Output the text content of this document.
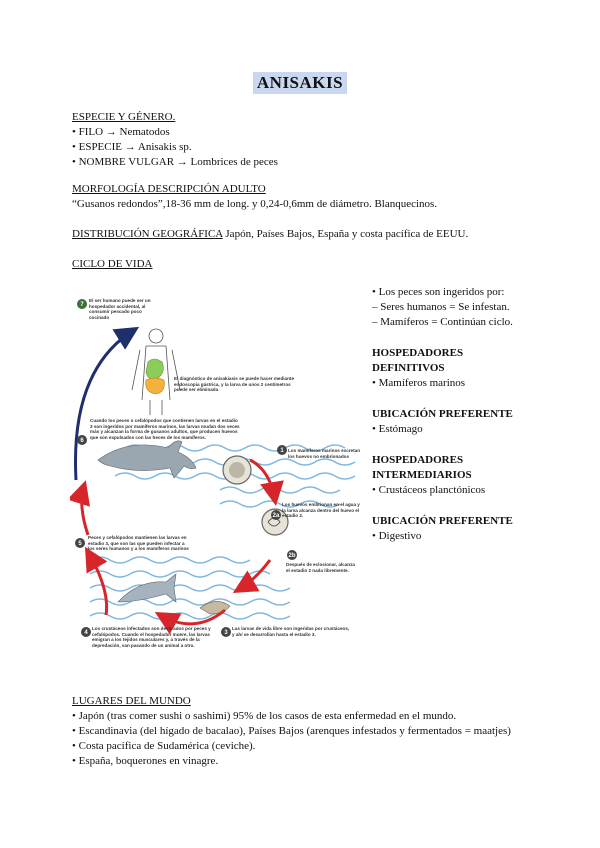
ANISAKIS
ESPECIE Y GÉNERO.
• FILO → Nematodos
• ESPECIE → Anisakis sp.
• NOMBRE VULGAR → Lombrices de peces
MORFOLOGÍA DESCRIPCIÓN ADULTO
“Gusanos redondos”,18-36 mm de long. y 0,24-0,6mm de diámetro. Blanquecinos.
DISTRIBUCIÓN GEOGRÁFICA Japón, Países Bajos, España y costa pacífica de EEUU.
CICLO DE VIDA
7
6
1
2a
2b
5
3
4
El ser humano puede ser un hospedador accidental, al consumir pescado poco cocinado
El diagnóstico de anisakiasis se puede hacer mediante endoscopia gástrica, y la larva de unos 2 centímetros puede ser eliminada
Cuando los peces o cefalópodos que contienen larvas en el estadio 3 son ingeridos por mamíferos marinos, las larvas mudan dos veces más y alcanzan la forma de gusanos adultos, que producen huevos que son expulsados con las heces de los mamíferos.
Los mamíferos marinos excretan los huevos no embrionados
Los huevos embrionan en el agua y la larva alcanza dentro del huevo el estadio 2.
Después de eclosionar, alcanza el estadio 2 nada libremente.
Peces y cefalópodos mantienen las larvas en estadio 3, que son las que pueden infectar a los seres humanos y a los mamíferos marinos
Las larvas de vida libre son ingeridas por crustáceos, y ahí se desarrollan hasta el estadio 3.
Los crustáceos infectados son devorados por peces y cefalópodos. Cuando el hospedador muere, las larvas emigran a los tejidos musculares y, a través de la depredación, van pasando de un animal a otro.
• Los peces son ingeridos por:
– Seres humanos = Se infestan.
– Mamíferos = Continúan ciclo.
HOSPEDADORES DEFINITIVOS
• Mamíferos marinos
UBICACIÓN PREFERENTE
• Estómago
HOSPEDADORES INTERMEDIARIOS
• Crustáceos planctónicos
UBICACIÓN PREFERENTE
• Digestivo
LUGARES DEL MUNDO
• Japón (tras comer sushi o sashimi) 95% de los casos de esta enfermedad en el mundo.
• Escandinavia (del hígado de bacalao), Países Bajos (arenques infestados y fermentados = maatjes)
• Costa pacífica de Sudamérica (ceviche).
• España, boquerones en vinagre.
